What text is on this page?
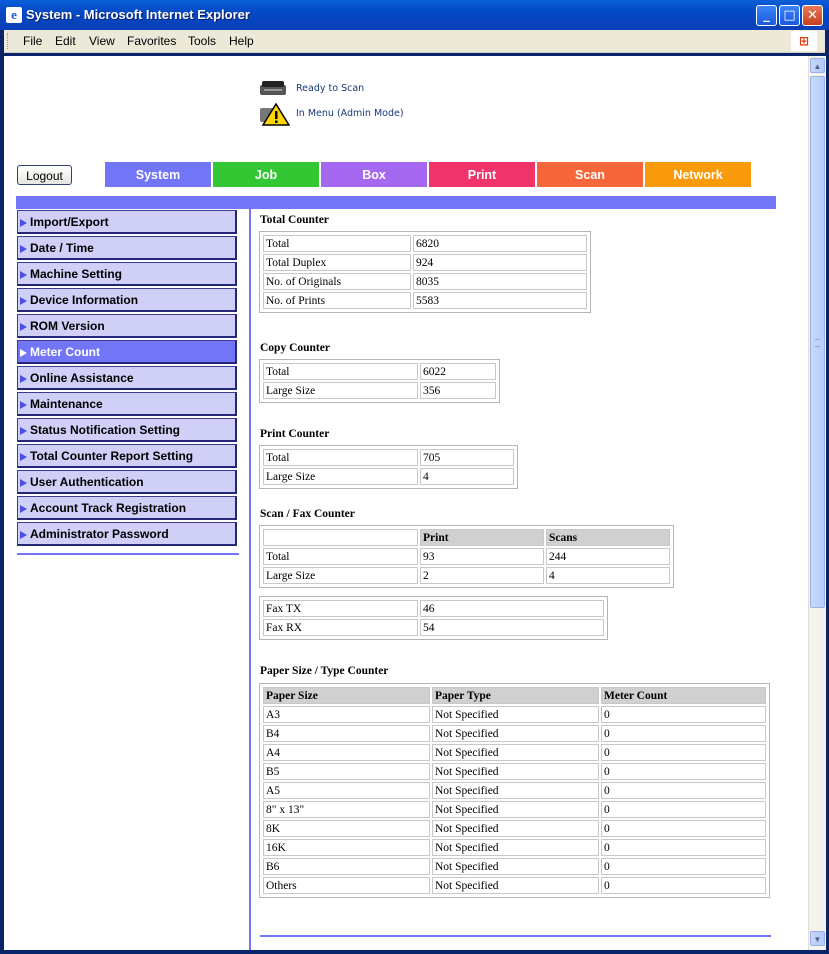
e System - Microsoft Internet Explorer	_	□ ✕
File Edit View Favorites Tools Help	⊞
Ready to Scan
In Menu (Admin Mode)
Logout	System	Job	Box	Print	Scan	Network
Import/Export
Date / Time
Machine Setting
Device Information
ROM Version
Meter Count
Online Assistance
Maintenance
Status Notification Setting
Total Counter Report Setting
User Authentication
Account Track Registration
Administrator Password
Total Counter
Total	6820
Total Duplex	924
No. of Originals	8035
No. of Prints	5583
Copy Counter
Total	6022
Large Size	356
Print Counter
Total	705
Large Size	4
Scan / Fax Counter
	Print	Scans
Total	93	244
Large Size	2	4
Fax TX	46
Fax RX	54
Paper Size / Type Counter
Paper Size	Paper Type	Meter Count
A3	Not Specified	0
B4	Not Specified	0
A4	Not Specified	0
B5	Not Specified	0
A5	Not Specified	0
8" x 13"	Not Specified	0
8K	Not Specified	0
16K	Not Specified	0
B6	Not Specified	0
Others	Not Specified	0
▲
▼
